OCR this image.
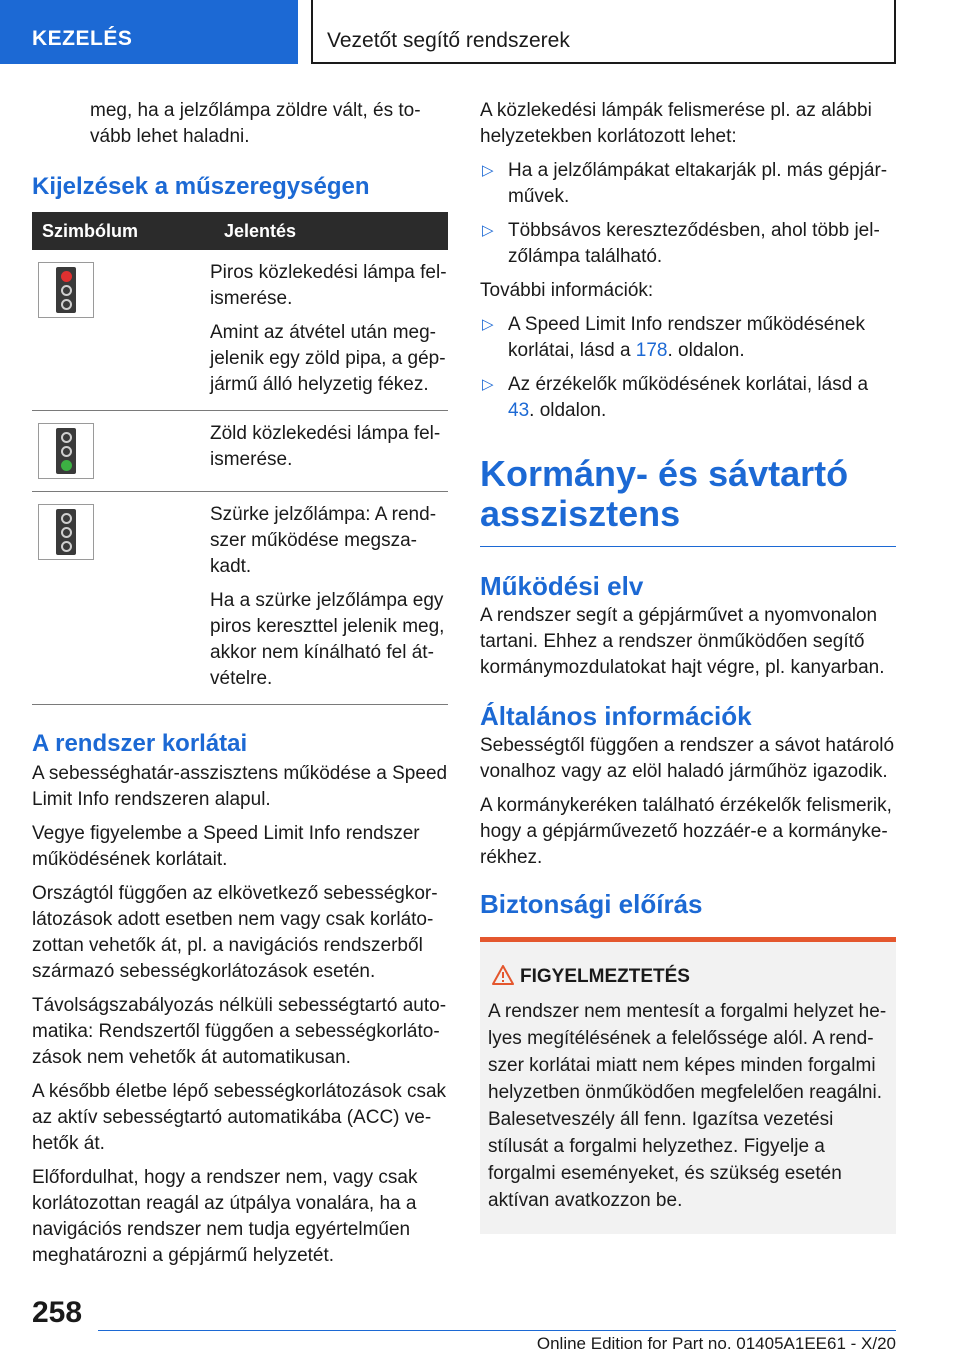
KEZELÉS	Vezetőt segítő rendszerek

meg, ha a jelzőlámpa zöldre vált, és tovább lehet haladni.

Kijelzések a műszeregységen
Szimbólum	Jelentés

	Piros közlekedési lámpa felismerése.

Amint az átvétel után megjelenik egy zöld pipa, a gépjármű álló helyzetig fékez.

	Zöld közlekedési lámpa felismerése.

	Szürke jelzőlámpa: A rendszer működése megszakadt.

Ha a szürke jelzőlámpa egy piros kereszttel jelenik meg, akkor nem kínálható fel átvételre.

A rendszer korlátai

A sebességhatár-asszisztens működése a Speed Limit Info rendszeren alapul.

Vegye figyelembe a Speed Limit Info rendszer működésének korlátait.

Országtól függően az elkövetkező sebességkorlátozások adott esetben nem vagy csak korlátozottan vehetők át, pl. a navigációs rendszerből származó sebességkorlátozások esetén.

Távolságszabályozás nélküli sebességtartó automatika: Rendszertől függően a sebességkorlátozások nem vehetők át automatikusan.

A később életbe lépő sebességkorlátozások csak az aktív sebességtartó automatikába (ACC) vehetők át.

Előfordulhat, hogy a rendszer nem, vagy csak korlátozottan reagál az útpálya vonalára, ha a navigációs rendszer nem tudja egyértelműen meghatározni a gépjármű helyzetét.

A közlekedési lámpák felismerése pl. az alábbi helyzetekben korlátozott lehet:

▷ Ha a jelzőlámpákat eltakarják pl. más gépjárművek.
▷ Többsávos kereszteződésben, ahol több jelzőlámpa található.

További információk:

▷ A Speed Limit Info rendszer működésének korlátai, lásd a 178. oldalon.
▷ Az érzékelők működésének korlátai, lásd a 43. oldalon.
Kormány- és sávtartó asszisztens
Működési elv

A rendszer segít a gépjárművet a nyomvonalon tartani. Ehhez a rendszer önműködően segítő kormánymozdulatokat hajt végre, pl. kanyarban.

Általános információk

Sebességtől függően a rendszer a sávot határoló vonalhoz vagy az elöl haladó járműhöz igazodik.

A kormánykeréken található érzékelők felismerik, hogy a gépjárművezető hozzáér-e a kormánykerékhez.

Biztonsági előírás
FIGYELMEZTETÉS

A rendszer nem mentesít a forgalmi helyzet helyes megítélésének a felelőssége alól. A rendszer korlátai miatt nem képes minden forgalmi helyzetben önműködően megfelelően reagálni. Balesetveszély áll fenn. Igazítsa vezetési stílusát a forgalmi helyzethez. Figyelje a forgalmi eseményeket, és szükség esetén aktívan avatkozzon be.

258
Online Edition for Part no. 01405A1EE61 - X/20
